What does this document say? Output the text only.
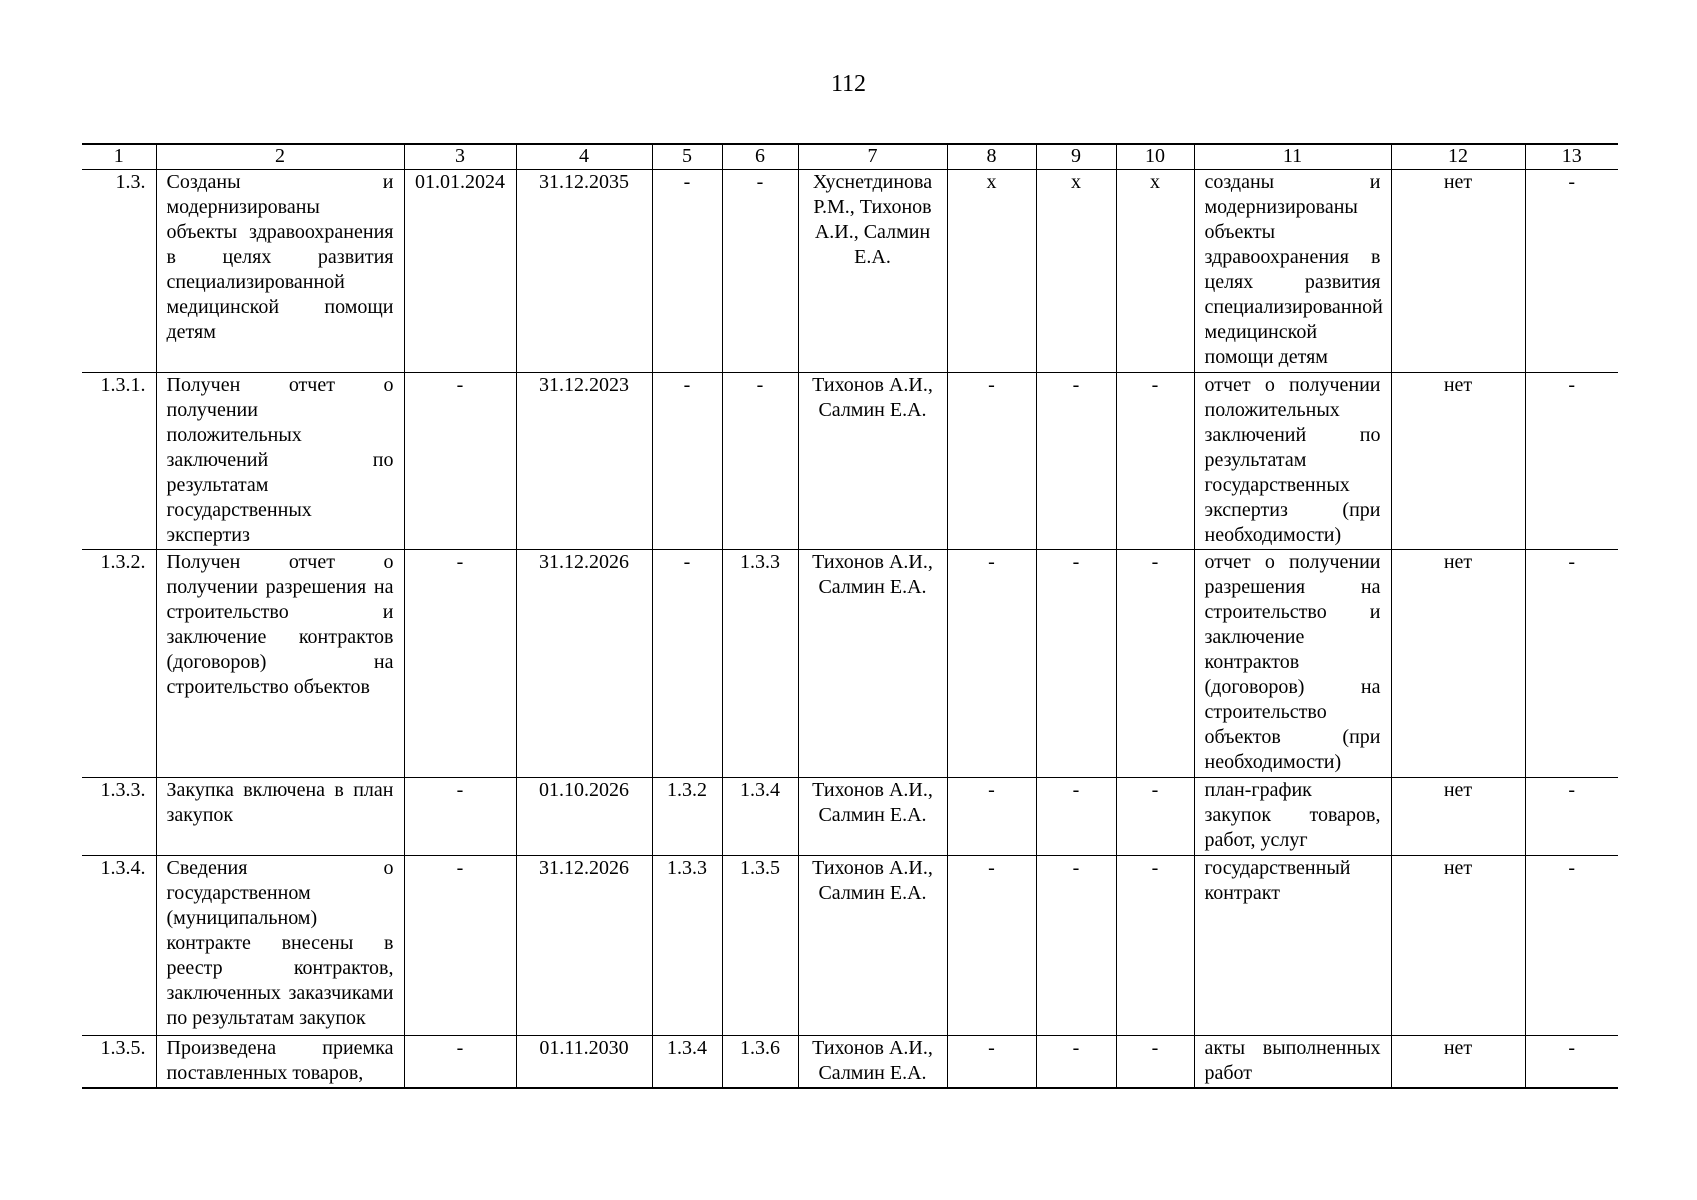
112
1	2	3	4	5	6	7	8	9	10	11	12	13
1.3.	Созданы и модернизированы объекты здравоохранения в целях развития специализированной медицинской помощи детям	01.01.2024	31.12.2035	-	-	Хуснетдинова Р.М., Тихонов А.И., Салмин Е.А.	x	x	x	созданы и модернизированы объекты здравоохранения в целях развития специализированной медицинской помощи детям	нет	-
1.3.1.	Получен отчет о получении положительных заключений по результатам государственных экспертиз	-	31.12.2023	-	-	Тихонов А.И., Салмин Е.А.	-	-	-	отчет о получении положительных заключений по результатам государственных экспертиз (при необходимости)	нет	-
1.3.2.	Получен отчет о получении разрешения на строительство и заключение контрактов (договоров) на строительство объектов	-	31.12.2026	-	1.3.3	Тихонов А.И., Салмин Е.А.	-	-	-	отчет о получении разрешения на строительство и заключение контрактов (договоров) на строительство объектов (при необходимости)	нет	-
1.3.3.	Закупка включена в план закупок	-	01.10.2026	1.3.2	1.3.4	Тихонов А.И., Салмин Е.А.	-	-	-	план-график закупок товаров, работ, услуг	нет	-
1.3.4.	Сведения о государственном (муниципальном) контракте внесены в реестр контрактов, заключенных заказчиками по результатам закупок	-	31.12.2026	1.3.3	1.3.5	Тихонов А.И., Салмин Е.А.	-	-	-	государственный контракт	нет	-
1.3.5.	Произведена приемка поставленных товаров,	-	01.11.2030	1.3.4	1.3.6	Тихонов А.И., Салмин Е.А.	-	-	-	акты выполненных работ	нет	-
